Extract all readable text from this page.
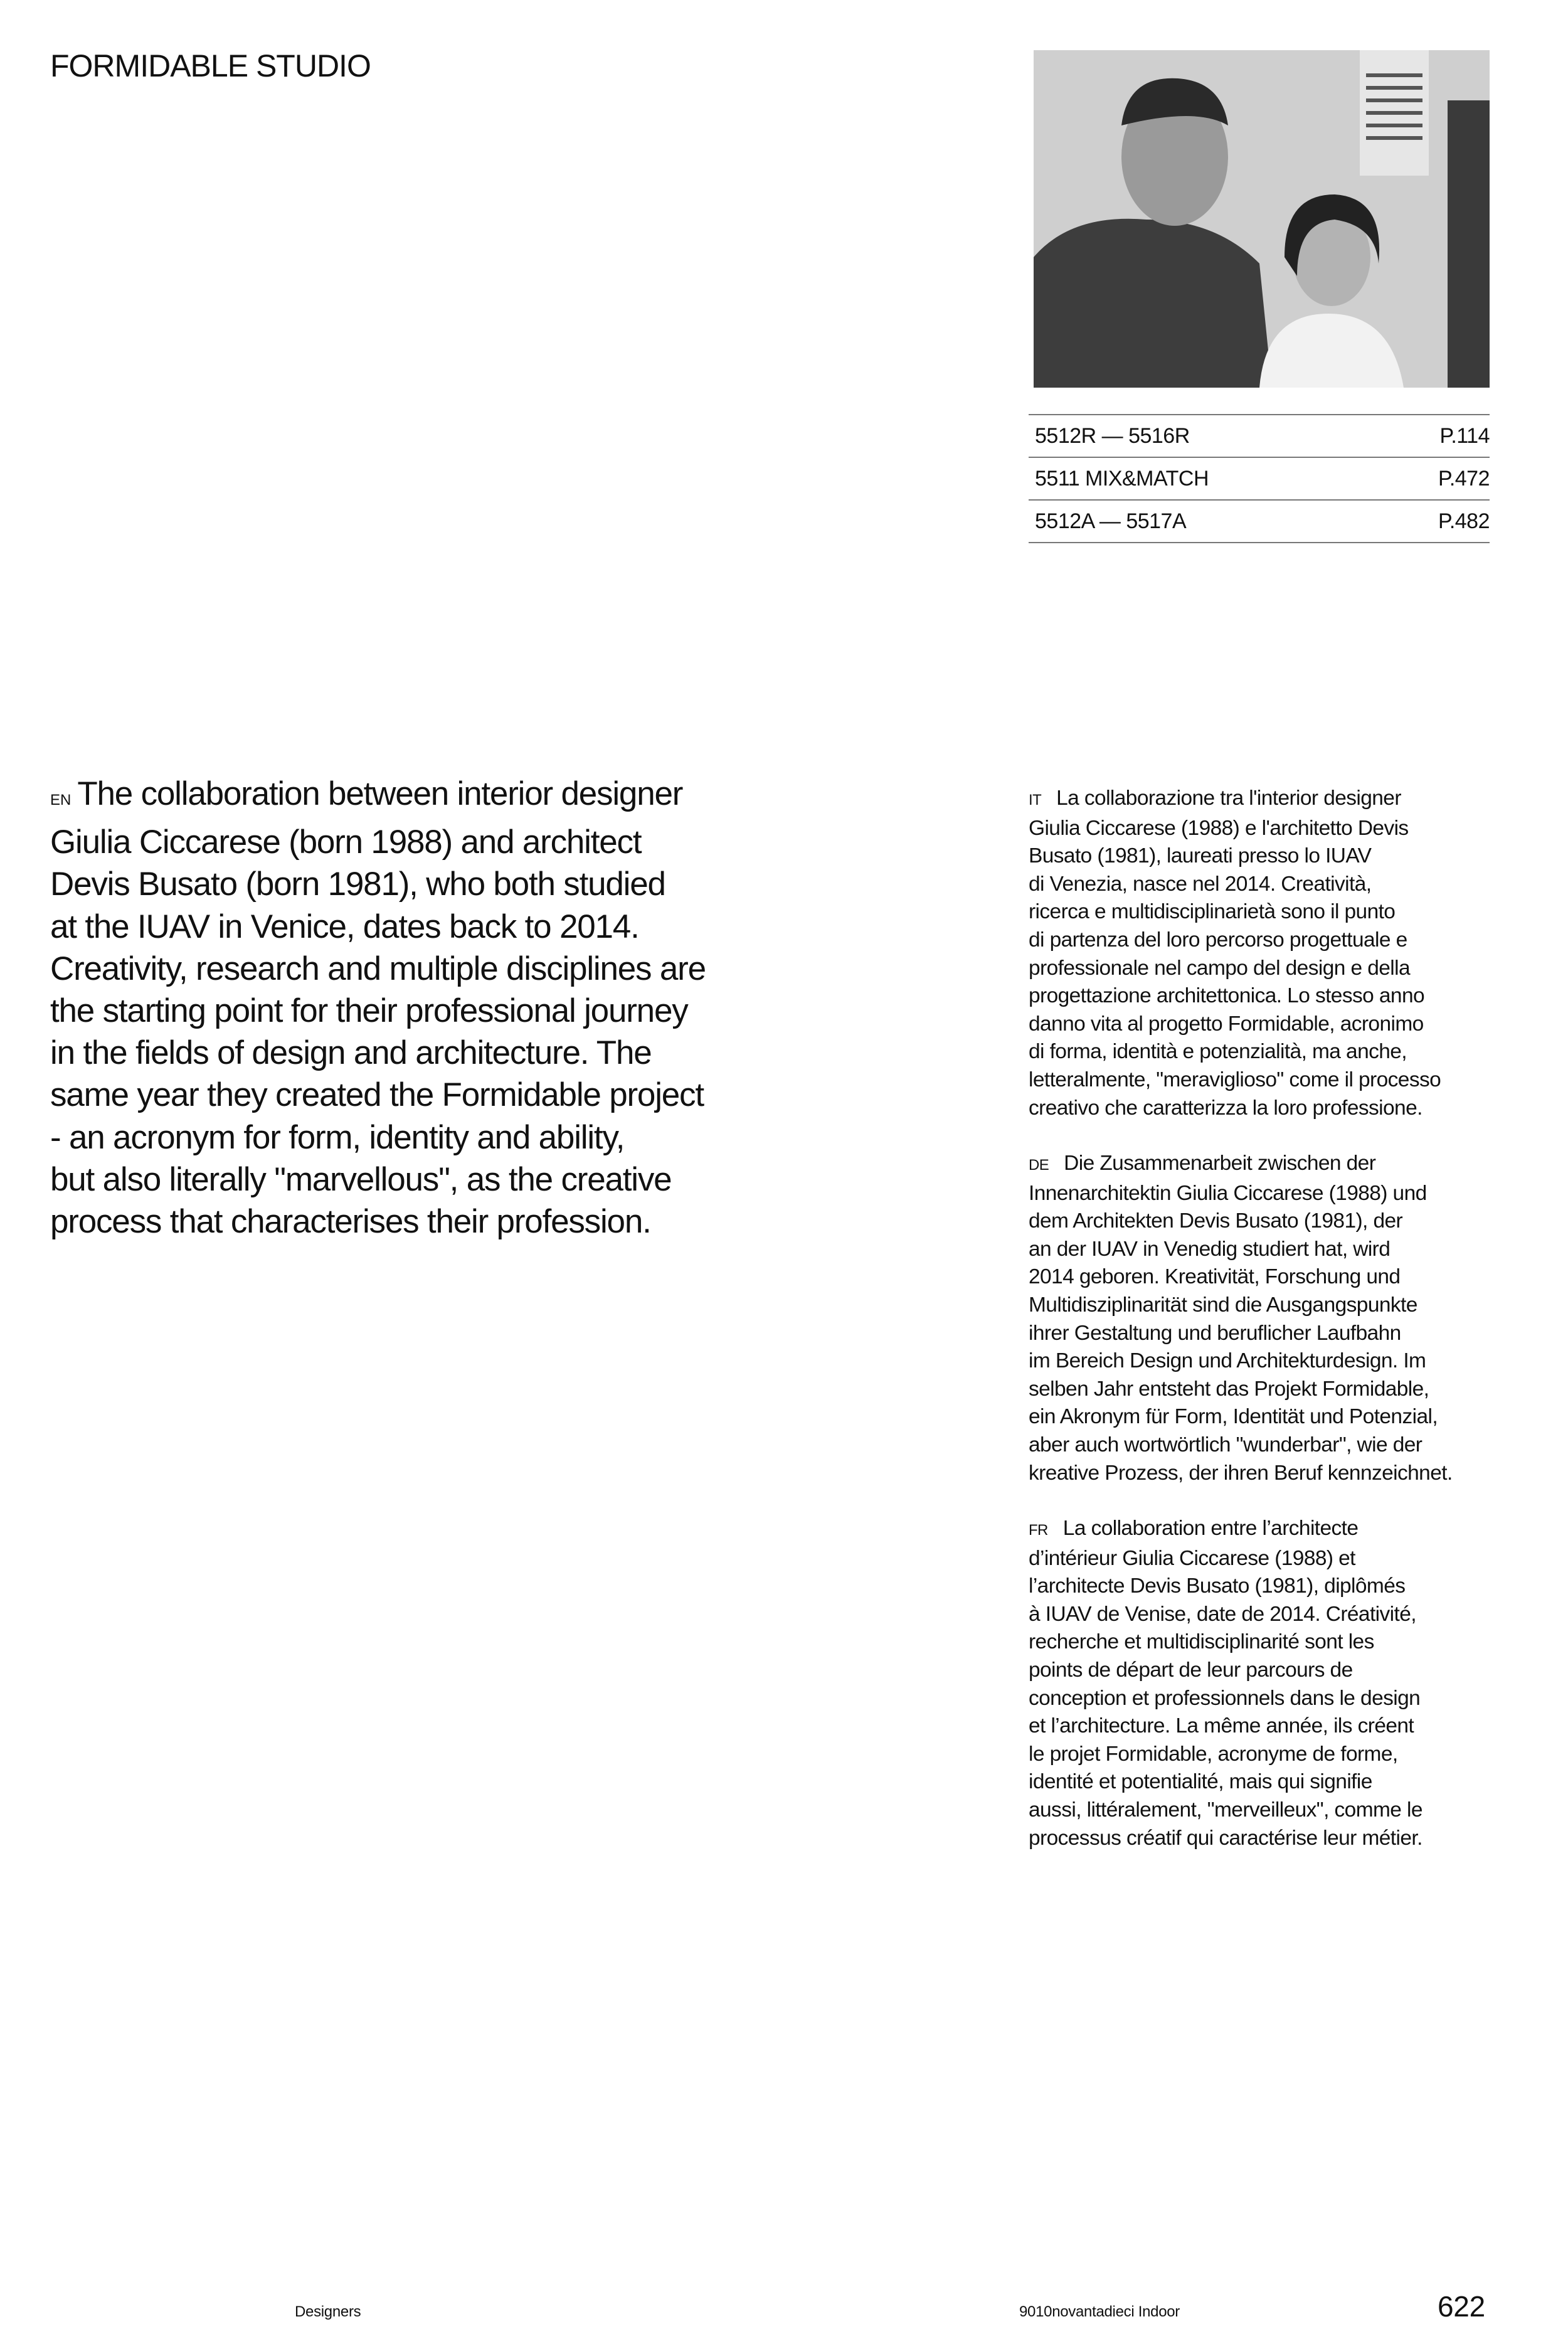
FORMIDABLE STUDIO
5512R — 5516R	P.114
5511 MIX&MATCH	P.472
5512A — 5517A	P.482
EN The collaboration between interior designer
Giulia Ciccarese (born 1988) and architect
Devis Busato (born 1981), who both studied
at the IUAV in Venice, dates back to 2014.
Creativity, research and multiple disciplines are
the starting point for their professional journey
in the fields of design and architecture. The
same year they created the Formidable project
- an acronym for form, identity and ability,
but also literally "marvellous", as the creative
process that characterises their profession.
IT La collaborazione tra l'interior designer
Giulia Ciccarese (1988) e l'architetto Devis
Busato (1981), laureati presso lo IUAV
di Venezia, nasce nel 2014. Creatività,
ricerca e multidisciplinarietà sono il punto
di partenza del loro percorso progettuale e
professionale nel campo del design e della
progettazione architettonica. Lo stesso anno
danno vita al progetto Formidable, acronimo
di forma, identità e potenzialità, ma anche,
letteralmente, "meraviglioso" come il processo
creativo che caratterizza la loro professione.
DE Die Zusammenarbeit zwischen der
Innenarchitektin Giulia Ciccarese (1988) und
dem Architekten Devis Busato (1981), der
an der IUAV in Venedig studiert hat, wird
2014 geboren. Kreativität, Forschung und
Multidisziplinarität sind die Ausgangspunkte
ihrer Gestaltung und beruflicher Laufbahn
im Bereich Design und Architekturdesign. Im
selben Jahr entsteht das Projekt Formidable,
ein Akronym für Form, Identität und Potenzial,
aber auch wortwörtlich "wunderbar", wie der
kreative Prozess, der ihren Beruf kennzeichnet.
FR La collaboration entre l’architecte
d’intérieur Giulia Ciccarese (1988) et
l’architecte Devis Busato (1981), diplômés
à IUAV de Venise, date de 2014. Créativité,
recherche et multidisciplinarité sont les
points de départ de leur parcours de
conception et professionnels dans le design
et l’architecture. La même année, ils créent
le projet Formidable, acronyme de forme,
identité et potentialité, mais qui signifie
aussi, littéralement, "merveilleux", comme le
processus créatif qui caractérise leur métier.
Designers	9010novantadieci Indoor	622
